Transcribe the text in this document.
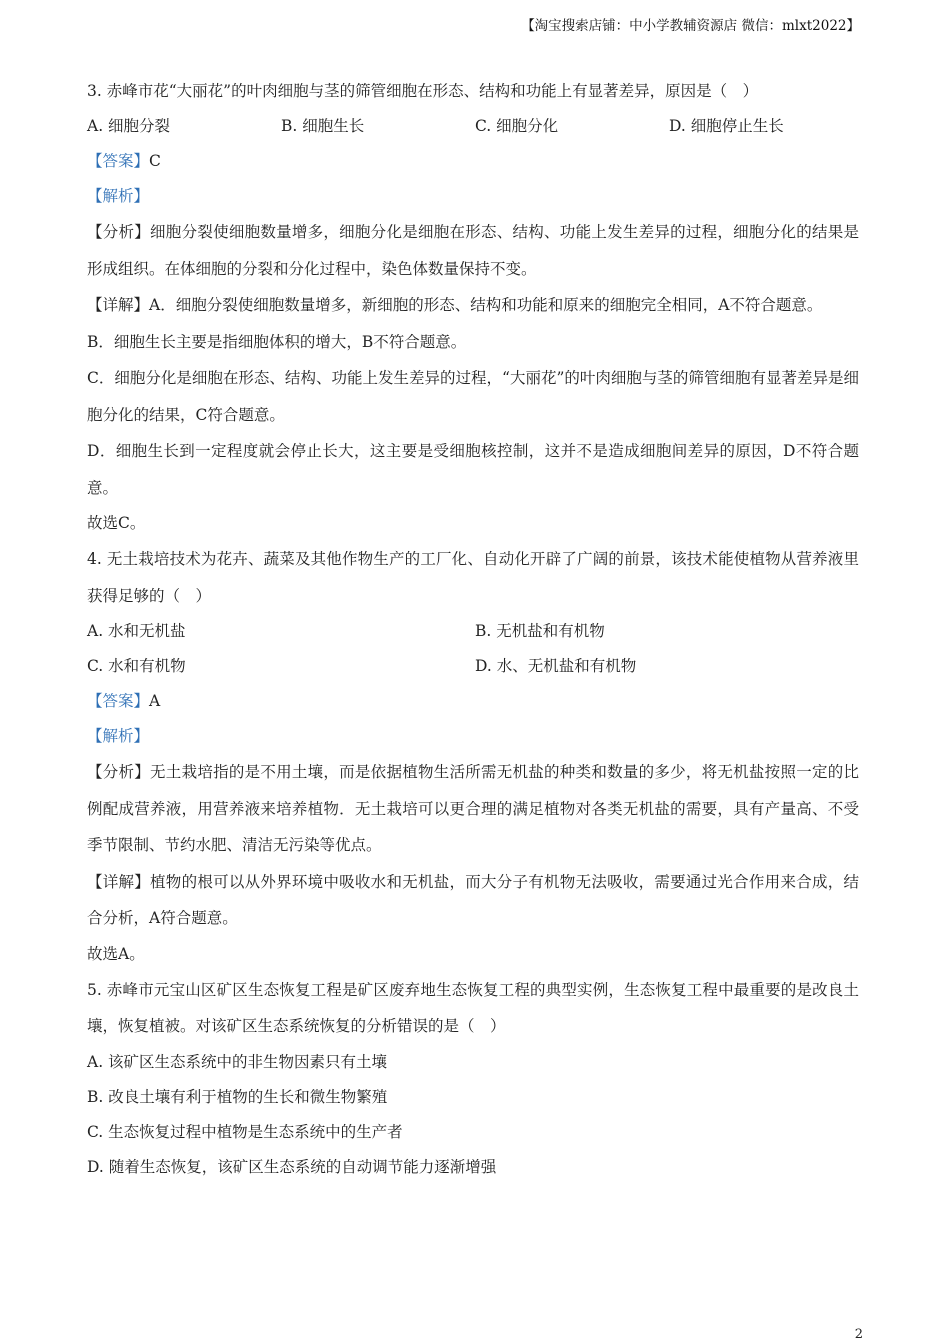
【淘宝搜索店铺：中小学教辅资源店 微信：mlxt2022】

3. 赤峰市花“大丽花”的叶肉细胞与茎的筛管细胞在形态、结构和功能上有显著差异，原因是（　）

A. 细胞分裂	B. 细胞生长	C. 细胞分化	D. 细胞停止生长

【答案】C

【解析】

【分析】细胞分裂使细胞数量增多，细胞分化是细胞在形态、结构、功能上发生差异的过程，细胞分化的结果是形成组织。在体细胞的分裂和分化过程中，染色体数量保持不变。

【详解】A．细胞分裂使细胞数量增多，新细胞的形态、结构和功能和原来的细胞完全相同，A不符合题意。

B．细胞生长主要是指细胞体积的增大，B不符合题意。

C．细胞分化是细胞在形态、结构、功能上发生差异的过程，“大丽花”的叶肉细胞与茎的筛管细胞有显著差异是细胞分化的结果，C符合题意。

D．细胞生长到一定程度就会停止长大，这主要是受细胞核控制，这并不是造成细胞间差异的原因，D不符合题意。

故选C。

4. 无土栽培技术为花卉、蔬菜及其他作物生产的工厂化、自动化开辟了广阔的前景，该技术能使植物从营养液里获得足够的（　）

A. 水和无机盐	B. 无机盐和有机物
C. 水和有机物	D. 水、无机盐和有机物

【答案】A

【解析】

【分析】无土栽培指的是不用土壤，而是依据植物生活所需无机盐的种类和数量的多少，将无机盐按照一定的比例配成营养液，用营养液来培养植物．无土栽培可以更合理的满足植物对各类无机盐的需要，具有产量高、不受季节限制、节约水肥、清洁无污染等优点。

【详解】植物的根可以从外界环境中吸收水和无机盐，而大分子有机物无法吸收，需要通过光合作用来合成，结合分析，A符合题意。

故选A。

5. 赤峰市元宝山区矿区生态恢复工程是矿区废弃地生态恢复工程的典型实例，生态恢复工程中最重要的是改良土壤，恢复植被。对该矿区生态系统恢复的分析错误的是（　）

A. 该矿区生态系统中的非生物因素只有土壤

B. 改良土壤有利于植物的生长和微生物繁殖

C. 生态恢复过程中植物是生态系统中的生产者

D. 随着生态恢复，该矿区生态系统的自动调节能力逐渐增强

2
